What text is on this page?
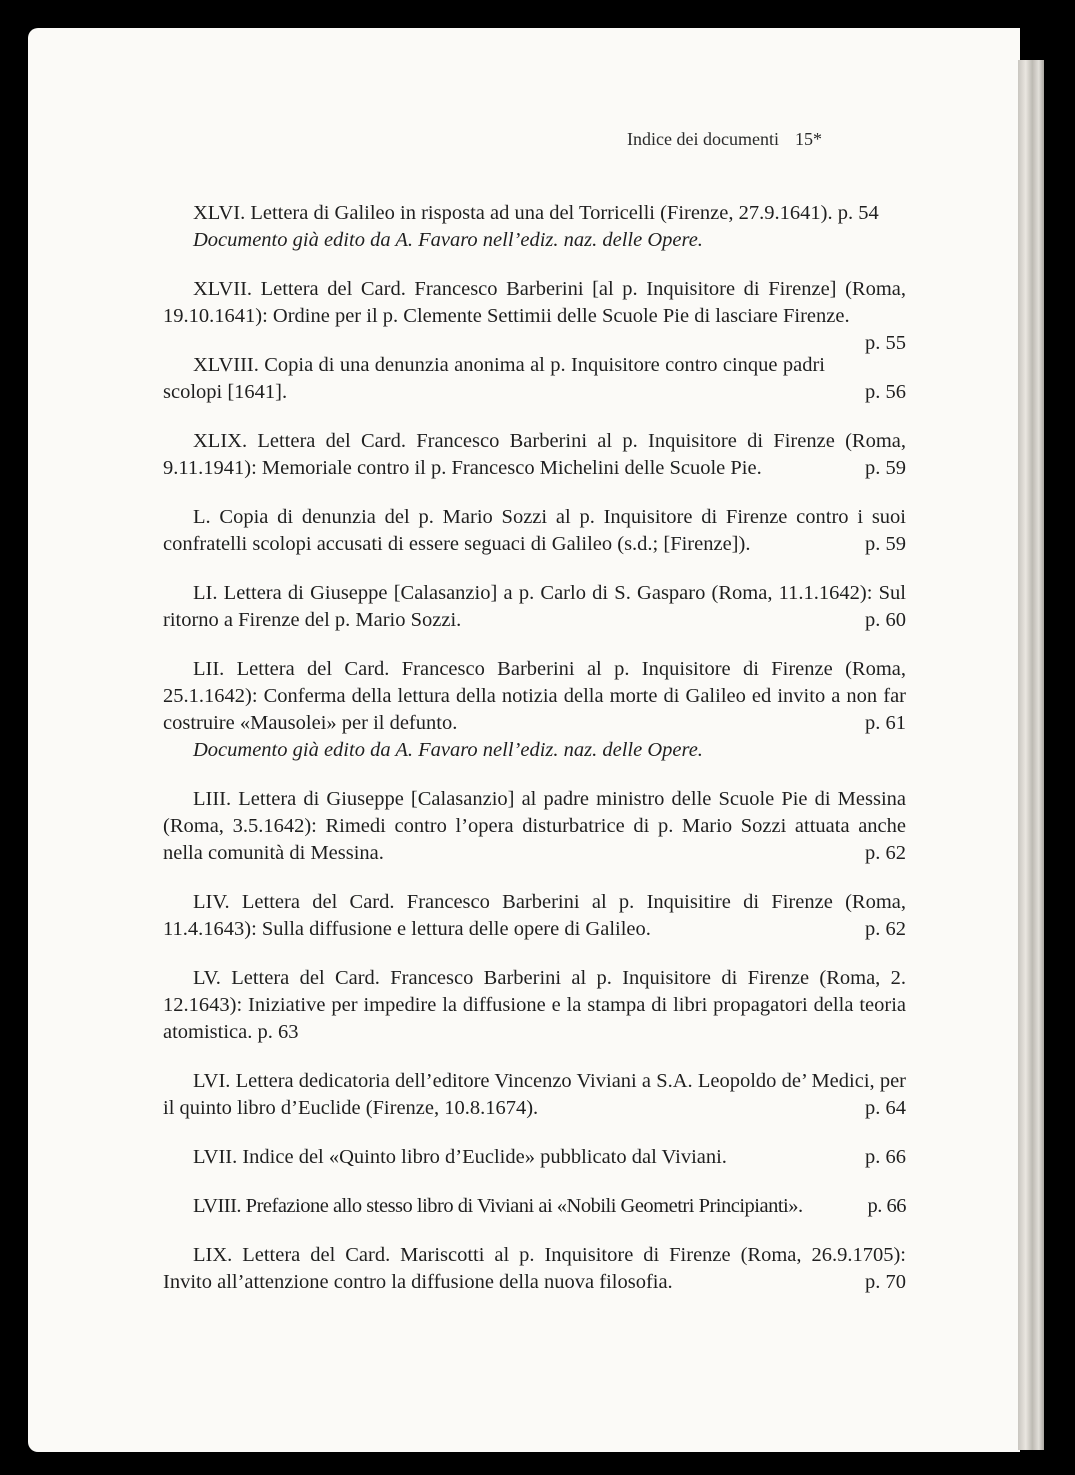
Indice dei documenti 15*

XLVI. Lettera di Galileo in risposta ad una del Torricelli (Firenze, 27.9.1641). p. 54

Documento già edito da A. Favaro nell’ediz. naz. delle Opere.

XLVII. Lettera del Card. Francesco Barberini [al p. Inquisitore di Firenze] (Roma, 19.10.1641): Ordine per il p. Clemente Settimii delle Scuole Pie di lasciare Firenze.
p. 55

XLVIII. Copia di una denunzia anonima al p. Inquisitore contro cinque padri scolopi [1641].	p. 56

XLIX. Lettera del Card. Francesco Barberini al p. Inquisitore di Firenze (Roma, 9.11.1941): Memoriale contro il p. Francesco Michelini delle Scuole Pie.	p. 59

L. Copia di denunzia del p. Mario Sozzi al p. Inquisitore di Firenze contro i suoi confratelli scolopi accusati di essere seguaci di Galileo (s.d.; [Firenze]).	p. 59

LI. Lettera di Giuseppe [Calasanzio] a p. Carlo di S. Gasparo (Roma, 11.1.1642): Sul ritorno a Firenze del p. Mario Sozzi.	p. 60

LII. Lettera del Card. Francesco Barberini al p. Inquisitore di Firenze (Roma, 25.1.1642): Conferma della lettura della notizia della morte di Galileo ed invito a non far costruire «Mausolei» per il defunto.	p. 61

Documento già edito da A. Favaro nell’ediz. naz. delle Opere.

LIII. Lettera di Giuseppe [Calasanzio] al padre ministro delle Scuole Pie di Messina (Roma, 3.5.1642): Rimedi contro l’opera disturbatrice di p. Mario Sozzi attuata anche nella comunità di Messina.	p. 62

LIV. Lettera del Card. Francesco Barberini al p. Inquisitire di Firenze (Roma, 11.4.1643): Sulla diffusione e lettura delle opere di Galileo.	p. 62

LV. Lettera del Card. Francesco Barberini al p. Inquisitore di Firenze (Roma, 2. 12.1643): Iniziative per impedire la diffusione e la stampa di libri propagatori della teoria atomistica. p. 63

LVI. Lettera dedicatoria dell’editore Vincenzo Viviani a S.A. Leopoldo de’ Medici, per il quinto libro d’Euclide (Firenze, 10.8.1674).	p. 64

LVII. Indice del «Quinto libro d’Euclide» pubblicato dal Viviani.	p. 66

LVIII. Prefazione allo stesso libro di Viviani ai «Nobili Geometri Principianti».	p. 66

LIX. Lettera del Card. Mariscotti al p. Inquisitore di Firenze (Roma, 26.9.1705): Invito all’attenzione contro la diffusione della nuova filosofia.	p. 70
